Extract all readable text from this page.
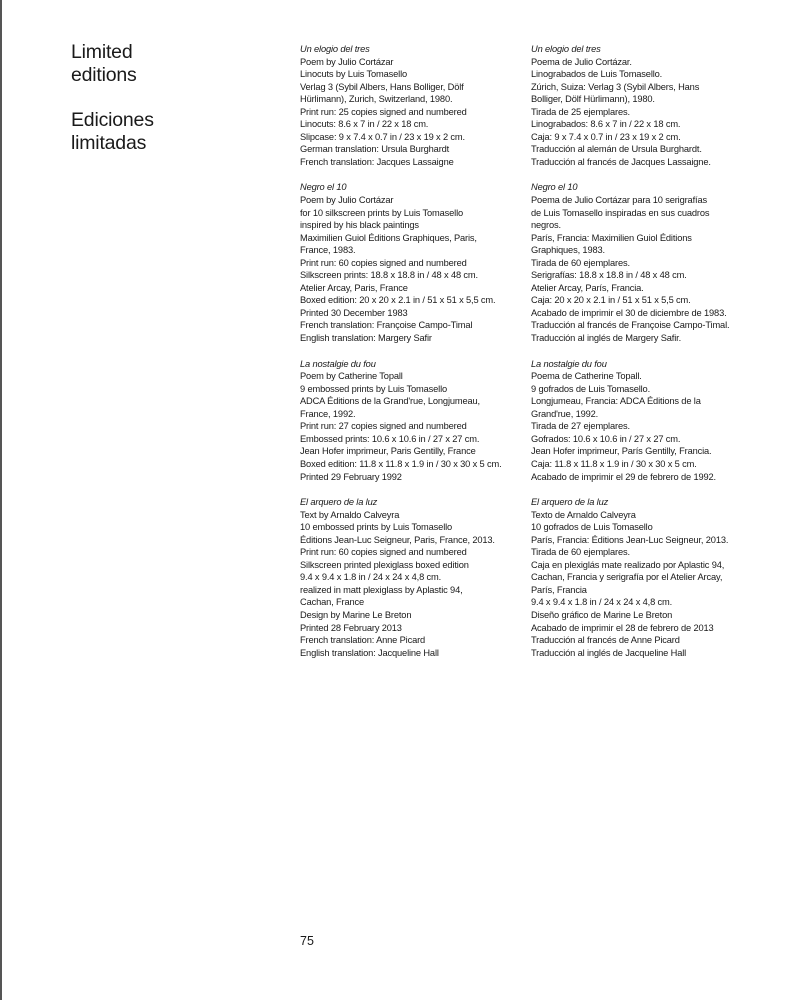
Limited
editions
Ediciones
limitadas
Un elogio del tres
Poem by Julio Cortázar
Linocuts by Luis Tomasello
Verlag 3 (Sybil Albers, Hans Bolliger, Dölf
Hürlimann), Zurich, Switzerland, 1980.
Print run: 25 copies signed and numbered
Linocuts: 8.6 x 7 in / 22 x 18 cm.
Slipcase: 9 x 7.4 x 0.7 in / 23 x 19 x 2 cm.
German translation: Ursula Burghardt
French translation: Jacques Lassaigne
Negro el 10
Poem by Julio Cortázar
for 10 silkscreen prints by Luis Tomasello
inspired by his black paintings
Maximilien Guiol Éditions Graphiques, Paris,
France, 1983.
Print run: 60 copies signed and numbered
Silkscreen prints: 18.8 x 18.8 in / 48 x 48 cm.
Atelier Arcay, Paris, France
Boxed edition: 20 x 20 x 2.1 in / 51 x 51 x 5,5 cm.
Printed 30 December 1983
French translation: Françoise Campo-Timal
English translation: Margery Safir
La nostalgie du fou
Poem by Catherine Topall
9 embossed prints by Luis Tomasello
ADCA Éditions de la Grand'rue, Longjumeau,
France, 1992.
Print run: 27 copies signed and numbered
Embossed prints: 10.6 x 10.6 in / 27 x 27 cm.
Jean Hofer imprimeur, Paris Gentilly, France
Boxed edition: 11.8 x 11.8 x 1.9 in / 30 x 30 x 5 cm.
Printed 29 February 1992
El arquero de la luz
Text by Arnaldo Calveyra
10 embossed prints by Luis Tomasello
Éditions Jean-Luc Seigneur, Paris, France, 2013.
Print run: 60 copies signed and numbered
Silkscreen printed plexiglass boxed edition
9.4 x 9.4 x 1.8 in / 24 x 24 x 4,8 cm.
realized in matt plexiglass by Aplastic 94,
Cachan, France
Design by Marine Le Breton
Printed 28 February 2013
French translation: Anne Picard
English translation: Jacqueline Hall
Un elogio del tres
Poema de Julio Cortázar.
Linograbados de Luis Tomasello.
Zúrich, Suiza: Verlag 3 (Sybil Albers, Hans
Bolliger, Dölf Hürlimann), 1980.
Tirada de 25 ejemplares.
Linograbados: 8.6 x 7 in / 22 x 18 cm.
Caja: 9 x 7.4 x 0.7 in / 23 x 19 x 2 cm.
Traducción al alemán de Ursula Burghardt.
Traducción al francés de Jacques Lassaigne.
Negro el 10
Poema de Julio Cortázar para 10 serigrafías
de Luis Tomasello inspiradas en sus cuadros
negros.
París, Francia: Maximilien Guiol Éditions
Graphiques, 1983.
Tirada de 60 ejemplares.
Serigrafías: 18.8 x 18.8 in / 48 x 48 cm.
Atelier Arcay, París, Francia.
Caja: 20 x 20 x 2.1 in / 51 x 51 x 5,5 cm.
Acabado de imprimir el 30 de diciembre de 1983.
Traducción al francés de Françoise Campo-Timal.
Traducción al inglés de Margery Safir.
La nostalgie du fou
Poema de Catherine Topall.
9 gofrados de Luis Tomasello.
Longjumeau, Francia: ADCA Éditions de la
Grand'rue, 1992.
Tirada de 27 ejemplares.
Gofrados: 10.6 x 10.6 in / 27 x 27 cm.
Jean Hofer imprimeur, París Gentilly, Francia.
Caja: 11.8 x 11.8 x 1.9 in / 30 x 30 x 5 cm.
Acabado de imprimir el 29 de febrero de 1992.
El arquero de la luz
Texto de Arnaldo Calveyra
10 gofrados de Luis Tomasello
París, Francia: Éditions Jean-Luc Seigneur, 2013.
Tirada de 60 ejemplares.
Caja en plexiglás mate realizado por Aplastic 94,
Cachan, Francia y serigrafía por el Atelier Arcay,
París, Francia
9.4 x 9.4 x 1.8 in / 24 x 24 x 4,8 cm.
Diseño gráfico de Marine Le Breton
Acabado de imprimir el 28 de febrero de 2013
Traducción al francés de Anne Picard
Traducción al inglés de Jacqueline Hall
75
